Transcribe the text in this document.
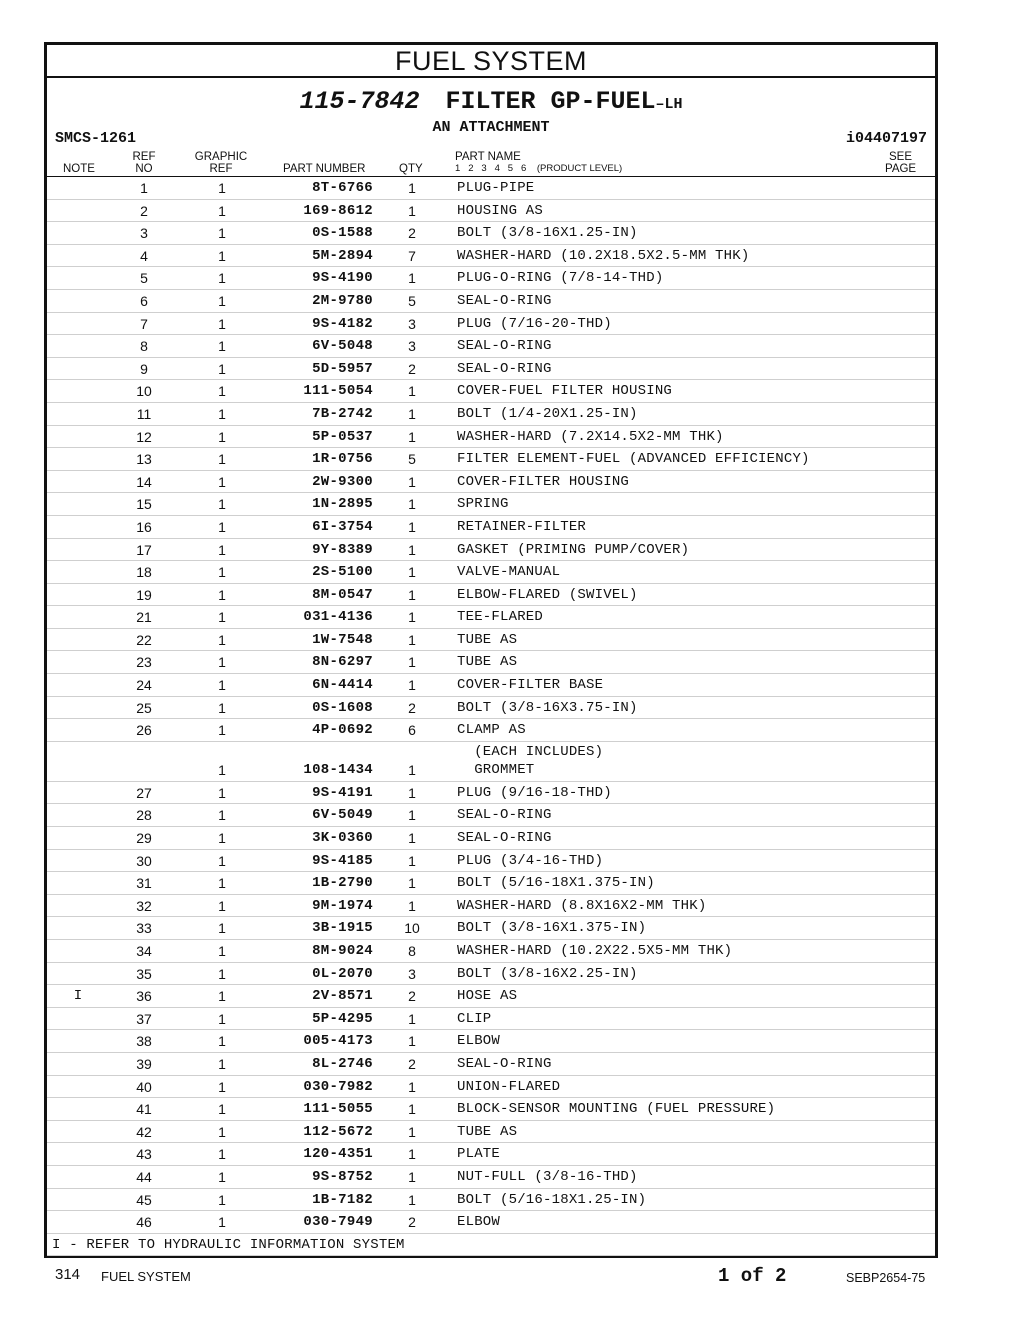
FUEL SYSTEM
115-7842 FILTER GP-FUEL–LH
AN ATTACHMENT
SMCS-1261	i04407197
NOTE
REF
NO
GRAPHIC
REF	PART NUMBER	QTY
PART NAME
1   2   3   4   5   6    (PRODUCT LEVEL)
SEE
PAGE
1	1	8T-6766	1	PLUG-PIPE
2	1	169-8612	1	HOUSING AS
3	1	0S-1588	2	BOLT (3/8-16X1.25-IN)
4	1	5M-2894	7	WASHER-HARD (10.2X18.5X2.5-MM THK)
5	1	9S-4190	1	PLUG-O-RING (7/8-14-THD)
6	1	2M-9780	5	SEAL-O-RING
7	1	9S-4182	3	PLUG (7/16-20-THD)
8	1	6V-5048	3	SEAL-O-RING
9	1	5D-5957	2	SEAL-O-RING
10	1	111-5054	1	COVER-FUEL FILTER HOUSING
11	1	7B-2742	1	BOLT (1/4-20X1.25-IN)
12	1	5P-0537	1	WASHER-HARD (7.2X14.5X2-MM THK)
13	1	1R-0756	5	FILTER ELEMENT-FUEL (ADVANCED EFFICIENCY)
14	1	2W-9300	1	COVER-FILTER HOUSING
15	1	1N-2895	1	SPRING
16	1	6I-3754	1	RETAINER-FILTER
17	1	9Y-8389	1	GASKET (PRIMING PUMP/COVER)
18	1	2S-5100	1	VALVE-MANUAL
19	1	8M-0547	1	ELBOW-FLARED (SWIVEL)
21	1	031-4136	1	TEE-FLARED
22	1	1W-7548	1	TUBE AS
23	1	8N-6297	1	TUBE AS
24	1	6N-4414	1	COVER-FILTER BASE
25	1	0S-1608	2	BOLT (3/8-16X3.75-IN)
26	1	4P-0692	6	CLAMP AS
(EACH INCLUDES)
1	108-1434	1	GROMMET
27	1	9S-4191	1	PLUG (9/16-18-THD)
28	1	6V-5049	1	SEAL-O-RING
29	1	3K-0360	1	SEAL-O-RING
30	1	9S-4185	1	PLUG (3/4-16-THD)
31	1	1B-2790	1	BOLT (5/16-18X1.375-IN)
32	1	9M-1974	1	WASHER-HARD (8.8X16X2-MM THK)
33	1	3B-1915	10	BOLT (3/8-16X1.375-IN)
34	1	8M-9024	8	WASHER-HARD (10.2X22.5X5-MM THK)
35	1	0L-2070	3	BOLT (3/8-16X2.25-IN)
I	36	1	2V-8571	2	HOSE AS
37	1	5P-4295	1	CLIP
38	1	005-4173	1	ELBOW
39	1	8L-2746	2	SEAL-O-RING
40	1	030-7982	1	UNION-FLARED
41	1	111-5055	1	BLOCK-SENSOR MOUNTING (FUEL PRESSURE)
42	1	112-5672	1	TUBE AS
43	1	120-4351	1	PLATE
44	1	9S-8752	1	NUT-FULL (3/8-16-THD)
45	1	1B-7182	1	BOLT (5/16-18X1.25-IN)
46	1	030-7949	2	ELBOW
I - REFER TO HYDRAULIC INFORMATION SYSTEM
314 FUEL SYSTEM	1 of 2	SEBP2654-75
